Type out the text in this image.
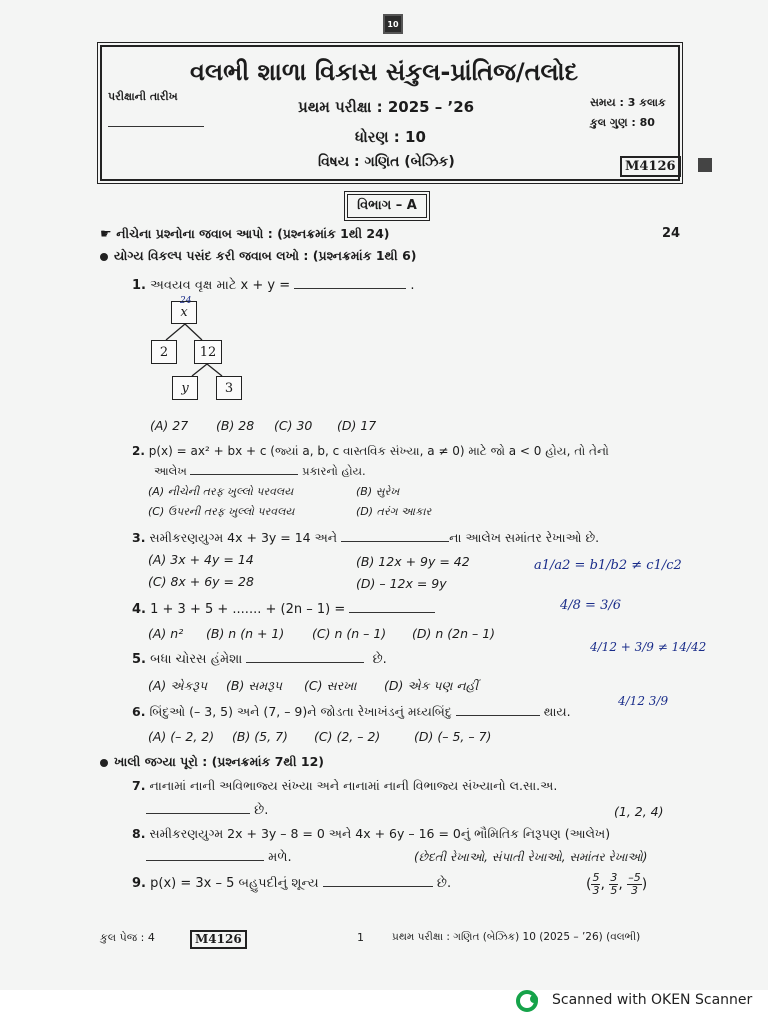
10
વલભી શાળા વિકાસ સંકુલ-પ્રાંતિજ/તલોદ
પરીક્ષાની તારીખ
પ્રથમ પરીક્ષા : 2025 – ’26	સમય : 3 કલાક
કુલ ગુણ : 80
ધોરણ : 10
વિષય : ગણિત (બેઝિક)	M4126
વિભાગ – A
☛ નીચેના પ્રશ્નોના જવાબ આપો : (પ્રશ્નક્રમાંક 1થી 24)	24
યોગ્ય વિકલ્પ પસંદ કરી જવાબ લખો : (પ્રશ્નક્રમાંક 1થી 6)
1. અવયવ વૃક્ષ માટે x + y =	.
x
24
2	12
y	3
(A) 27 (B) 28 (C) 30 (D) 17
2. p(x) = ax² + bx + c (જ્યાં a, b, c વાસ્તવિક સંખ્યા, a ≠ 0) માટે જો a < 0 હોય, તો તેનો
આલેખ	પ્રકારનો હોય.
(A) નીચેની તરફ ખુલ્લો પરવલય	(B) સુરેખ
(C) ઉપરની તરફ ખુલ્લો પરવલય	(D) તરંગ આકાર
3. સમીકરણયુગ્મ 4x + 3y = 14 અને	ના આલેખ સમાંતર રેખાઓ છે.
(A) 3x + 4y = 14	(B) 12x + 9y = 42
(C) 8x + 6y = 28	(D) – 12x = 9y
a1/a2 = b1/b2 ≠ c1/c2
4/8 = 3/6
4/12 + 3/9 ≠ 14/42
4/12 3/9
4. 1 + 3 + 5 + ....... + (2n – 1) =
(A) n² (B) n (n + 1) (C) n (n – 1) (D) n (2n – 1)
5. બધા ચોરસ હંમેશા	છે.
(A) એકરૂપ (B) સમરૂપ (C) સરખા (D) એક પણ નહીં
6. બિંદુઓ (– 3, 5) અને (7, – 9)ને જોડતા રેખાખંડનું મધ્યબિંદુ	થાય.
(A) (– 2, 2) (B) (5, 7) (C) (2, – 2)	(D) (– 5, – 7)
ખાલી જગ્યા પૂરો : (પ્રશ્નક્રમાંક 7થી 12)
7. નાનામાં નાની અવિભાજ્ય સંખ્યા અને નાનામાં નાની વિભાજ્ય સંખ્યાનો લ.સા.અ.
છે.	(1, 2, 4)
8. સમીકરણયુગ્મ 2x + 3y – 8 = 0 અને 4x + 6y – 16 = 0નું ભૌમિતિક નિરૂપણ (આલેખ)
મળે.	(છેદતી રેખાઓ, સંપાતી રેખાઓ, સમાંતર રેખાઓ)
9. p(x) = 3x – 5 બહુપદીનું શૂન્ય	છે.	( $\frac{5}{3}$ , $\frac{3}{5}$ , $\frac{-5}{3}$ )
કુલ પેજ : 4	M4126	1	પ્રથમ પરીક્ષા : ગણિત (બેઝિક) 10 (2025 – ’26) (વલભી)
Scanned with OKEN Scanner
